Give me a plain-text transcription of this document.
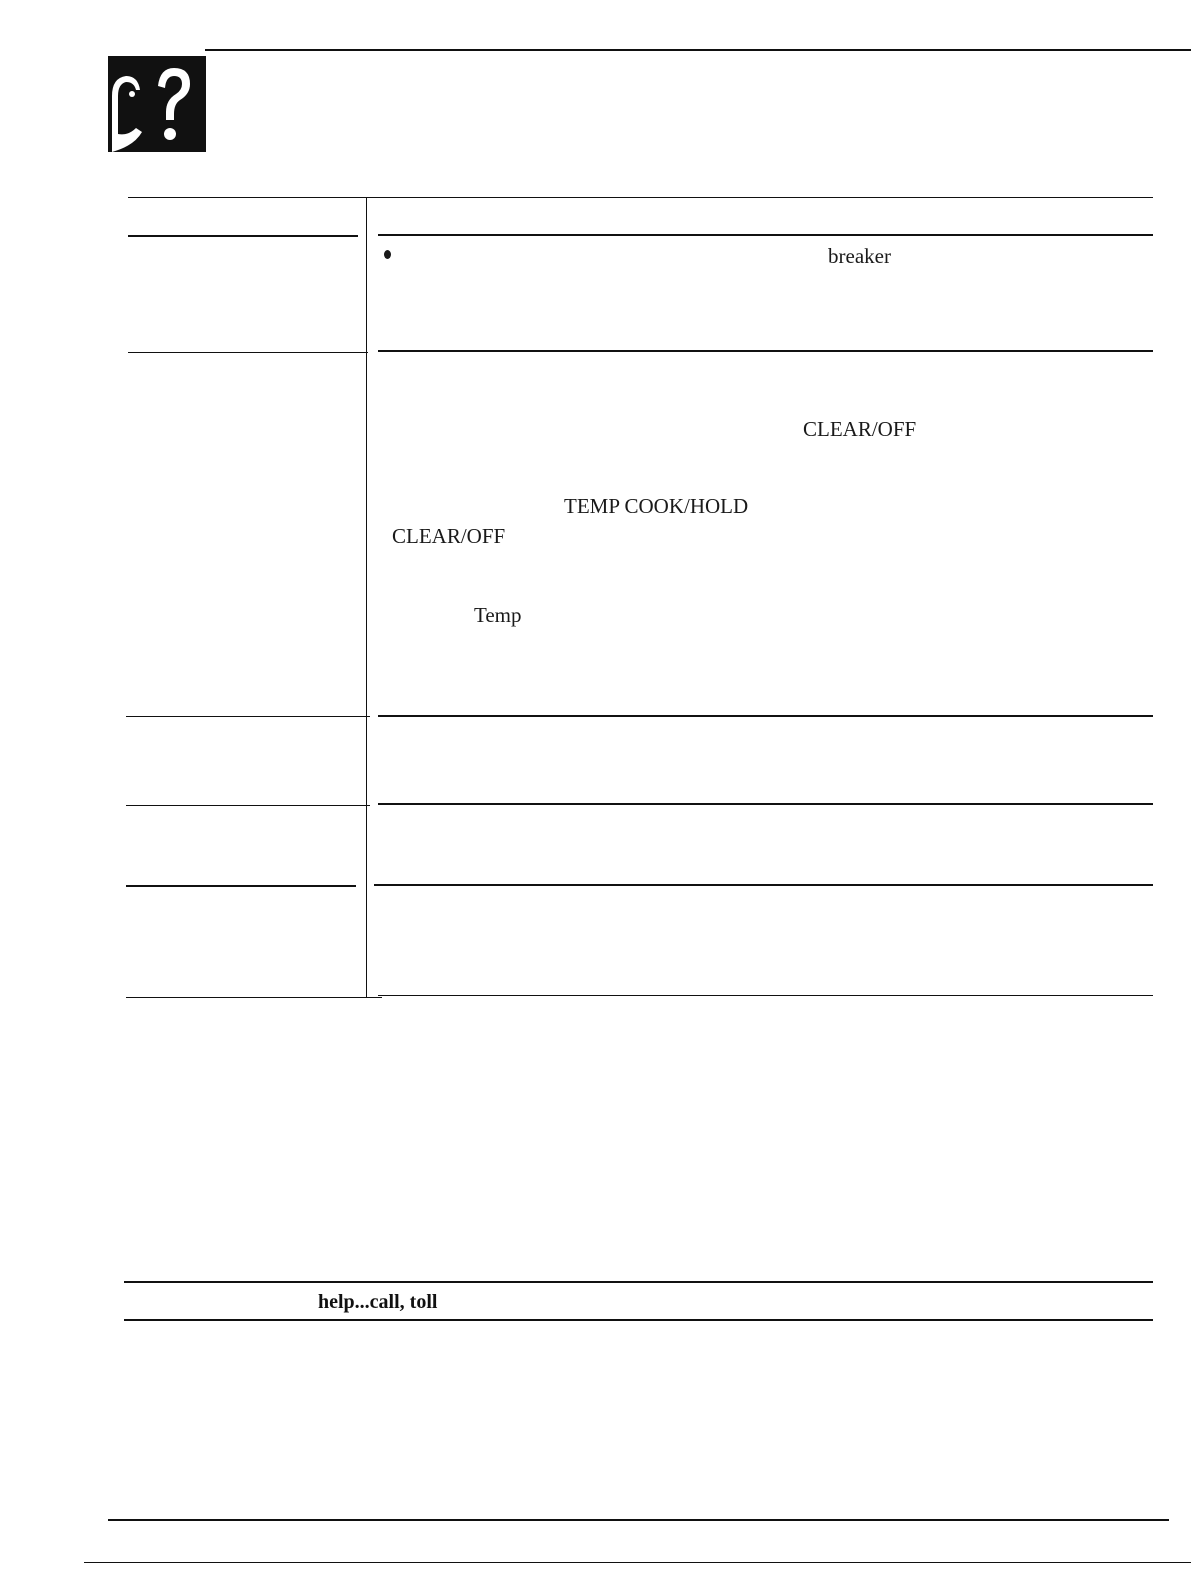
breaker
CLEAR/OFF
TEMP COOK/HOLD
CLEAR/OFF
Temp
help...call, toll
